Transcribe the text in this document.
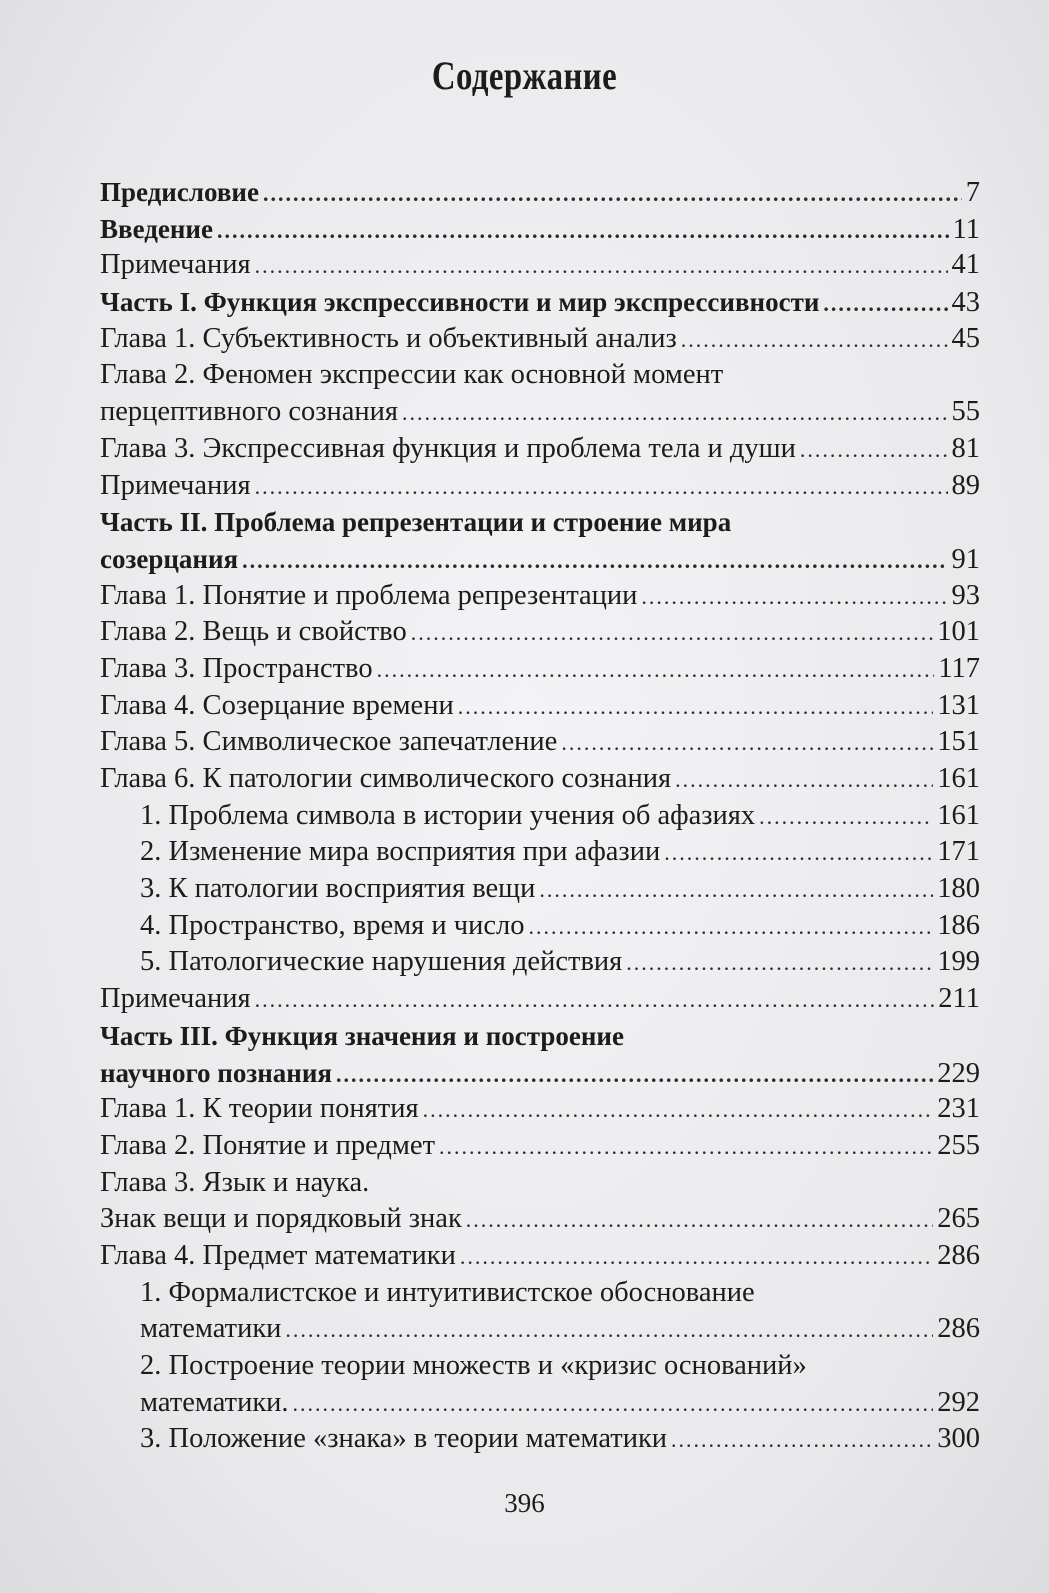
Содержание
Предисловие .....	7
Введение .....	11
Примечания .....	41
Часть I. Функция экспрессивности и мир экспрессивности .....	43
Глава 1. Субъективность и объективный анализ .....	45
Глава 2. Феномен экспрессии как основной момент
перцептивного сознания .....	55
Глава 3. Экспрессивная функция и проблема тела и души .....	81
Примечания .....	89
Часть II. Проблема репрезентации и строение мира
созерцания .....	91
Глава 1. Понятие и проблема репрезентации .....	93
Глава 2. Вещь и свойство .....	101
Глава 3. Пространство .....	117
Глава 4. Созерцание времени .....	131
Глава 5. Символическое запечатление .....	151
Глава 6. К патологии символического сознания .....	161
1. Проблема символа в истории учения об афазиях .....	161
2. Изменение мира восприятия при афазии .....	171
3. К патологии восприятия вещи .....	180
4. Пространство, время и число .....	186
5. Патологические нарушения действия .....	199
Примечания .....	211
Часть III. Функция значения и построение
научного познания .....	229
Глава 1. К теории понятия .....	231
Глава 2. Понятие и предмет .....	255
Глава 3. Язык и наука.
Знак вещи и порядковый знак .....	265
Глава 4. Предмет математики .....	286
1. Формалистское и интуитивистское обоснование
математики .....	286
2. Построение теории множеств и «кризис оснований»
математики. .....	292
3. Положение «знака» в теории математики .....	300
396
